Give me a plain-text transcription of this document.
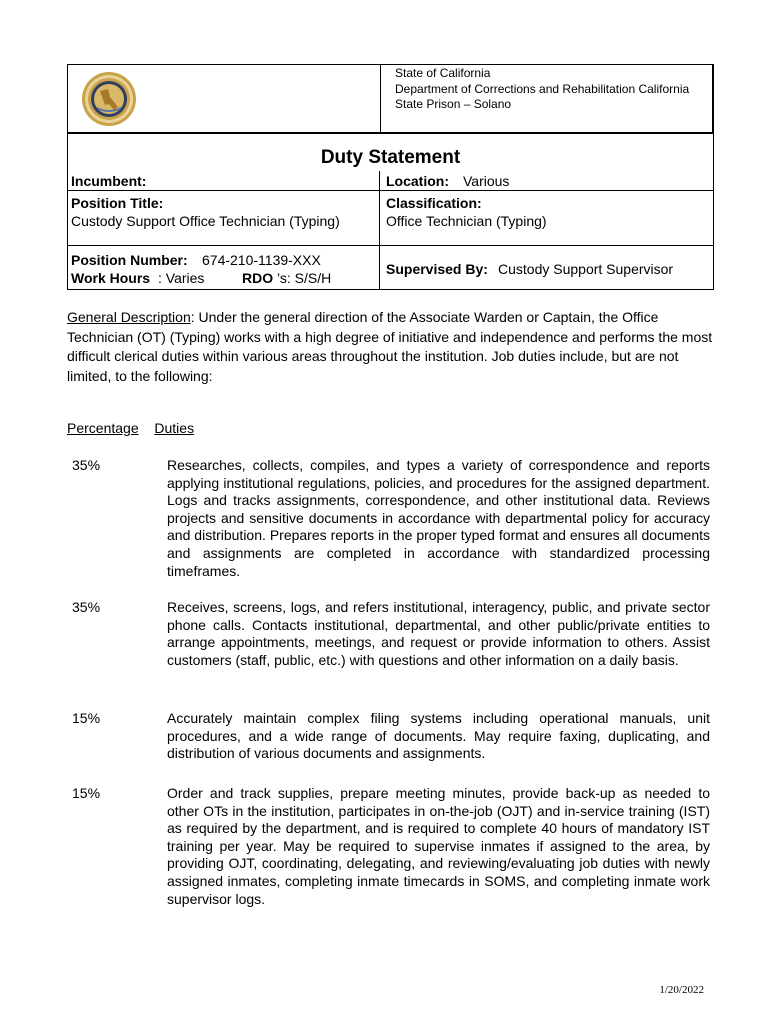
State of California
Department of Corrections and Rehabilitation California
State Prison – Solano
Duty Statement
Incumbent:	Location: Various
Position Title:
Custody Support Office Technician (Typing)
Classification:
Office Technician (Typing)
Position Number: 674-210-1139-XXX
Work Hours : Varies	RDO ’s: S/S/H
Supervised By: Custody Support Supervisor
General Description: Under the general direction of the Associate Warden or Captain, the Office Technician (OT) (Typing) works with a high degree of initiative and independence and performs the most difficult clerical duties within various areas throughout the institution. Job duties include, but are not limited, to the following:
Percentage Duties
35%	Researches, collects, compiles, and types a variety of correspondence and reports applying institutional regulations, policies, and procedures for the assigned department. Logs and tracks assignments, correspondence, and other institutional data. Reviews projects and sensitive documents in accordance with departmental policy for accuracy and distribution. Prepares reports in the proper typed format and ensures all documents and assignments are completed in accordance with standardized processing timeframes.
35%	Receives, screens, logs, and refers institutional, interagency, public, and private sector phone calls. Contacts institutional, departmental, and other public/private entities to arrange appointments, meetings, and request or provide information to others. Assist customers (staff, public, etc.) with questions and other information on a daily basis.
15%	Accurately maintain complex filing systems including operational manuals, unit procedures, and a wide range of documents. May require faxing, duplicating, and distribution of various documents and assignments.
15%	Order and track supplies, prepare meeting minutes, provide back-up as needed to other OTs in the institution, participates in on-the-job (OJT) and in-service training (IST) as required by the department, and is required to complete 40 hours of mandatory IST training per year. May be required to supervise inmates if assigned to the area, by providing OJT, coordinating, delegating, and reviewing/evaluating job duties with newly assigned inmates, completing inmate timecards in SOMS, and completing inmate work supervisor logs.
1/20/2022
